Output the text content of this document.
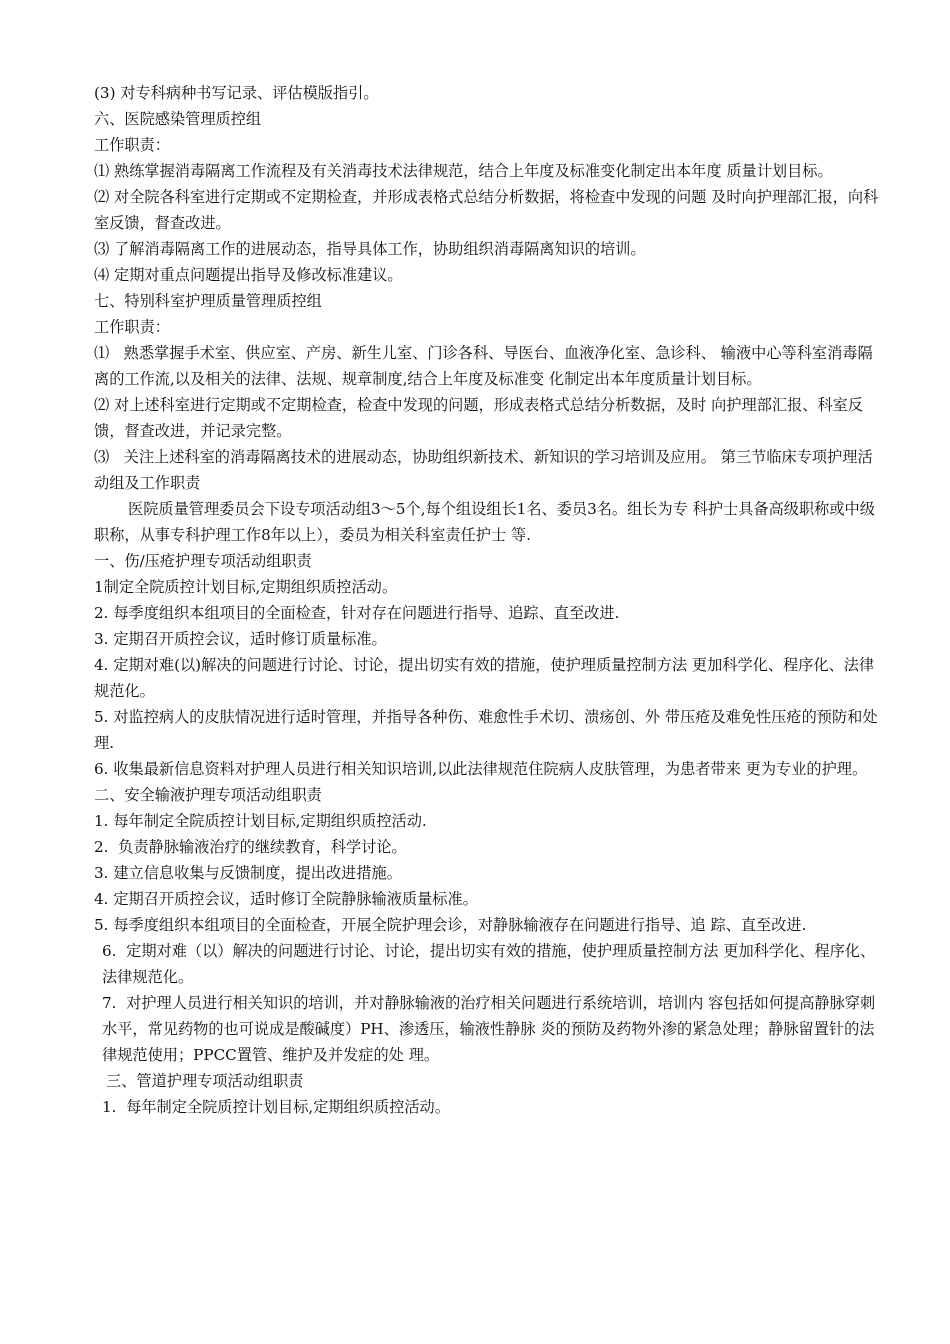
(3) 对专科病种书写记录、评估模版指引。

六、医院感染管理质控组

工作职责：

⑴ 熟练掌握消毒隔离工作流程及有关消毒技术法律规范，结合上年度及标准变化制定出本年度 质量计划目标。

⑵ 对全院各科室进行定期或不定期检查，并形成表格式总结分析数据，将检查中发现的问题 及时向护理部汇报，向科室反馈，督查改进。

⑶ 了解消毒隔离工作的进展动态，指导具体工作，协助组织消毒隔离知识的培训。

⑷ 定期对重点问题提出指导及修改标准建议。

七、特别科室护理质量管理质控组

工作职责：

⑴   熟悉掌握手术室、供应室、产房、新生儿室、门诊各科、导医台、血液净化室、急诊科、 输液中心等科室消毒隔离的工作流,以及相关的法律、法规、规章制度,结合上年度及标准变 化制定出本年度质量计划目标。

⑵ 对上述科室进行定期或不定期检查，检查中发现的问题，形成表格式总结分析数据，及时 向护理部汇报、科室反馈，督查改进，并记录完整。

⑶   关注上述科室的消毒隔离技术的进展动态，协助组织新技术、新知识的学习培训及应用。 第三节临床专项护理活动组及工作职责

医院质量管理委员会下设专项活动组3〜5个,每个组设组长1名、委员3名。组长为专 科护士具备高级职称或中级职称，从事专科护理工作8年以上），委员为相关科室责任护士 等.

一、伤/压疮护理专项活动组职责

1制定全院质控计划目标,定期组织质控活动。

2. 每季度组织本组项目的全面检查，针对存在问题进行指导、追踪、直至改进.

3. 定期召开质控会议，适时修订质量标准。

4. 定期对难(以)解决的问题进行讨论、讨论，提出切实有效的措施，使护理质量控制方法 更加科学化、程序化、法律规范化。

5. 对监控病人的皮肤情况进行适时管理，并指导各种伤、难愈性手术切、溃疡创、外 带压疮及难免性压疮的预防和处理.

6. 收集最新信息资料对护理人员进行相关知识培训,以此法律规范住院病人皮肤管理，为患者带来 更为专业的护理。

二、安全输液护理专项活动组职责

1. 每年制定全院质控计划目标,定期组织质控活动.

2.  负责静脉输液治疗的继续教育，科学讨论。

3. 建立信息收集与反馈制度，提出改进措施。

4. 定期召开质控会议，适时修订全院静脉输液质量标准。

5. 每季度组织本组项目的全面检查，开展全院护理会诊，对静脉输液存在问题进行指导、追 踪、直至改进.

6.  定期对难（以）解决的问题进行讨论、讨论，提出切实有效的措施，使护理质量控制方法 更加科学化、程序化、法律规范化。

7.  对护理人员进行相关知识的培训，并对静脉输液的治疗相关问题进行系统培训，培训内 容包括如何提高静脉穿刺水平，常见药物的也可说成是酸碱度）PH、渗透压，输液性静脉 炎的预防及药物外渗的紧急处理；静脉留置针的法律规范使用；PPCC置管、维护及并发症的处 理。

三、管道护理专项活动组职责

1.  每年制定全院质控计划目标,定期组织质控活动。
